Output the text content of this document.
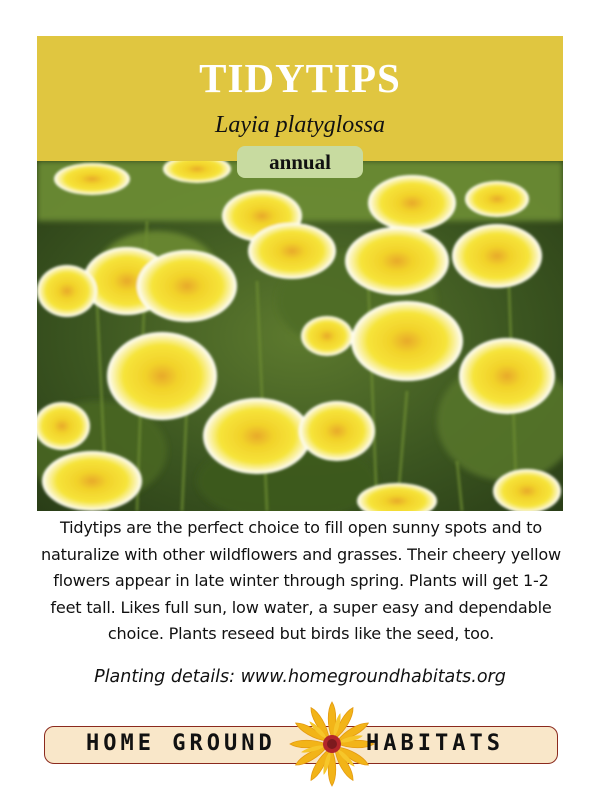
TIDYTIPS
Layia platyglossa
annual
Tidytips are the perfect choice to fill open sunny spots and to naturalize with other wildflowers and grasses. Their cheery yellow flowers appear in late winter through spring. Plants will get 1-2 feet tall. Likes full sun, low water, a super easy and dependable choice. Plants reseed but birds like the seed, too.
Planting details: www.homegroundhabitats.org
HOME GROUND	HABITATS
